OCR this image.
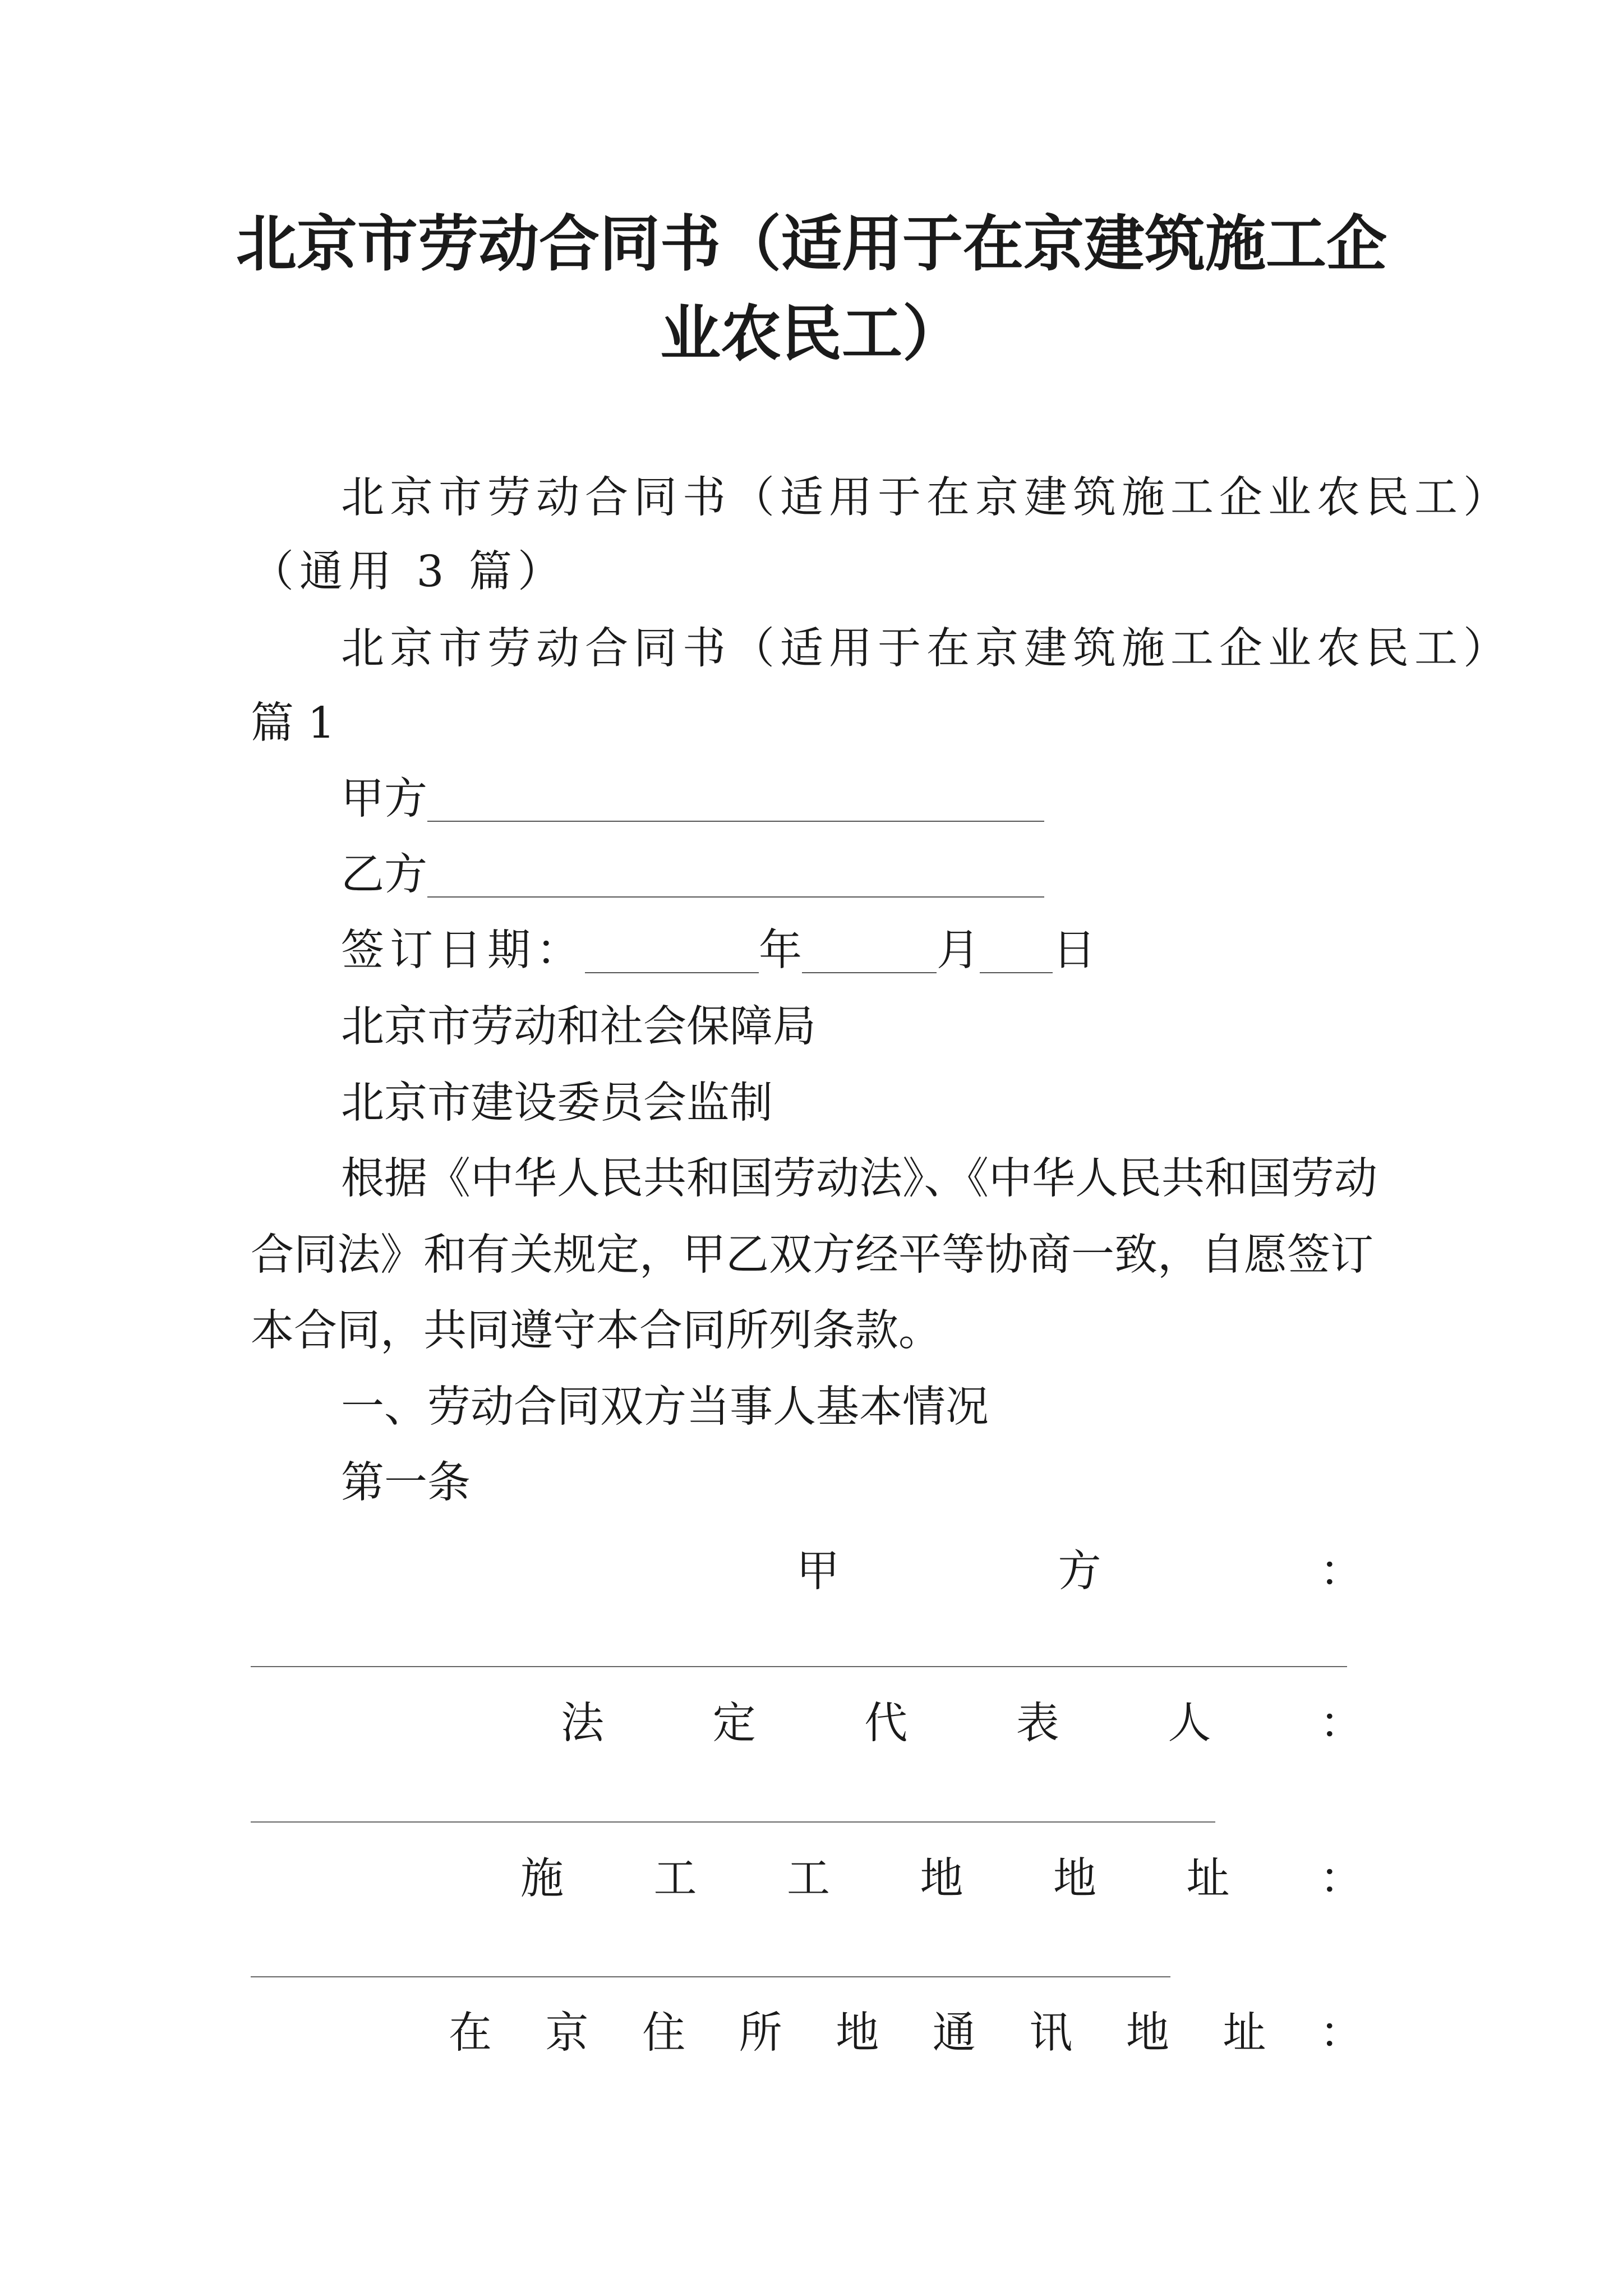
北京市劳动合同书（适用于在京建筑施工企
业农民工）

北京市劳动合同书（适用于在京建筑施工企业农民工）

（通用 3 篇）

北京市劳动合同书（适用于在京建筑施工企业农民工）

篇 1

甲方
乙方
签订日期：	年	月 日

北京市劳动和社会保障局

北京市建设委员会监制

根据《中华人民共和国劳动法》、《中华人民共和国劳动

合同法》和有关规定，甲乙双方经平等协商一致，自愿签订

本合同，共同遵守本合同所列条款。

一、劳动合同双方当事人基本情况

第一条

甲	方	：
法	定	代	表	人	：
施 工 工 地 地 址 ：
在 京 住 所 地 通 讯 地 址 ：
